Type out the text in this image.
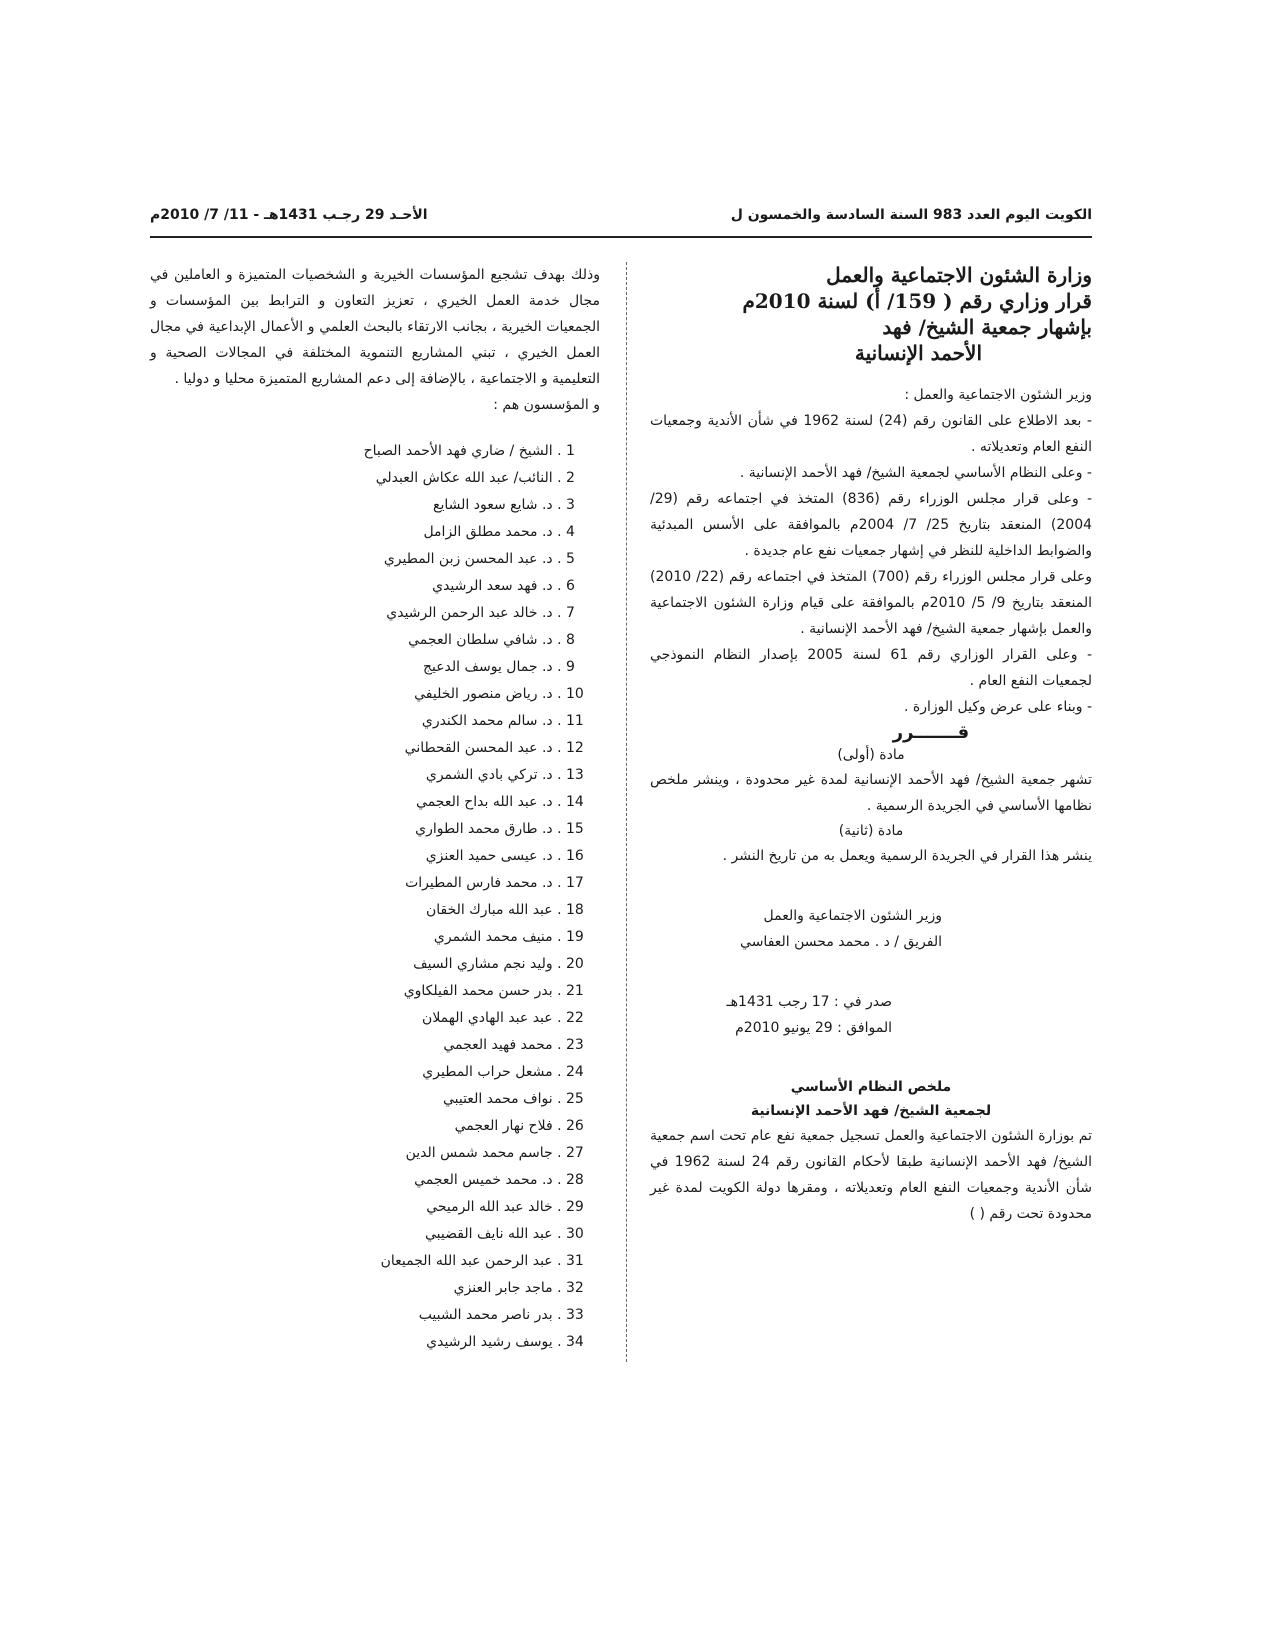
الكويت اليوم العدد 983 السنة السادسة والخمسون ل
الأحـد 29 رجـب 1431هـ - 11/ 7/ 2010م

وزارة الشئون الاجتماعية والعمل

قرار وزاري رقم ( 159/ أ) لسنة 2010م

بإشهار جمعية الشيخ/ فهد

الأحمد الإنسانية

وزير الشئون الاجتماعية والعمل :

- بعد الاطلاع على القانون رقم (24) لسنة 1962 في شأن الأندية وجمعيات النفع العام وتعديلاته .

- وعلى النظام الأساسي لجمعية الشيخ/ فهد الأحمد الإنسانية .

- وعلى قرار مجلس الوزراء رقم (836) المتخذ في اجتماعه رقم (29/ 2004) المنعقد بتاريخ 25/ 7/ 2004م بالموافقة على الأسس المبدئية والضوابط الداخلية للنظر في إشهار جمعيات نفع عام جديدة .

وعلى قرار مجلس الوزراء رقم (700) المتخذ في اجتماعه رقم (22/ 2010) المنعقد بتاريخ 9/ 5/ 2010م بالموافقة على قيام وزارة الشئون الاجتماعية والعمل بإشهار جمعية الشيخ/ فهد الأحمد الإنسانية .

- وعلى القرار الوزاري رقم 61 لسنة 2005 بإصدار النظام النموذجي لجمعيات النفع العام .

- وبناء على عرض وكيل الوزارة .

قـــــــرر

مادة (أولى)

تشهر جمعية الشيخ/ فهد الأحمد الإنسانية لمدة غير محدودة ، وينشر ملخص نظامها الأساسي في الجريدة الرسمية .

مادة (ثانية)

ينشر هذا القرار في الجريدة الرسمية ويعمل به من تاريخ النشر .

وزير الشئون الاجتماعية والعمل

الفريق / د . محمد محسن العفاسي

صدر في : 17 رجب 1431هـ

الموافق : 29 يونيو 2010م

ملخص النظام الأساسي

لجمعية الشيخ/ فهد الأحمد الإنسانية

تم بوزارة الشئون الاجتماعية والعمل تسجيل جمعية نفع عام تحت اسم جمعية الشيخ/ فهد الأحمد الإنسانية طبقا لأحكام القانون رقم 24 لسنة 1962 في شأن الأندية وجمعيات النفع العام وتعديلاته ، ومقرها دولة الكويت لمدة غير محدودة تحت رقم ( )

وذلك بهدف تشجيع المؤسسات الخيرية و الشخصيات المتميزة و العاملين في مجال خدمة العمل الخيري ، تعزيز التعاون و الترابط بين المؤسسات و الجمعيات الخيرية ، بجانب الارتقاء بالبحث العلمي و الأعمال الإبداعية في مجال العمل الخيري ، تبني المشاريع التنموية المختلفة في المجالات الصحية و التعليمية و الاجتماعية ، بالإضافة إلى دعم المشاريع المتميزة محليا و دوليا .

و المؤسسون هم :

1 . الشيخ / ضاري فهد الأحمد الصباح
2 . النائب/ عبد الله عكاش العبدلي
3 . د. شايع سعود الشايع
4 . د. محمد مطلق الزامل
5 . د. عبد المحسن زبن المطيري
6 . د. فهد سعد الرشيدي
7 . د. خالد عبد الرحمن الرشيدي
8 . د. شافي سلطان العجمي
9 . د. جمال يوسف الدعيج
10 . د. رياض منصور الخليفي
11 . د. سالم محمد الكندري
12 . د. عبد المحسن القحطاني
13 . د. تركي بادي الشمري
14 . د. عبد الله بداح العجمي
15 . د. طارق محمد الطواري
16 . د. عيسى حميد العنزي
17 . د. محمد فارس المطيرات
18 . عبد الله مبارك الخقان
19 . منيف محمد الشمري
20 . وليد نجم مشاري السيف
21 . بدر حسن محمد الفيلكاوي
22 . عبد عبد الهادي الهملان
23 . محمد فهيد العجمي
24 . مشعل حراب المطيري
25 . نواف محمد العتيبي
26 . فلاح نهار العجمي
27 . جاسم محمد شمس الدين
28 . د. محمد خميس العجمي
29 . خالد عبد الله الرميحي
30 . عبد الله نايف القضيبي
31 . عبد الرحمن عبد الله الجميعان
32 . ماجد جابر العنزي
33 . بدر ناصر محمد الشبيب
34 . يوسف رشيد الرشيدي
